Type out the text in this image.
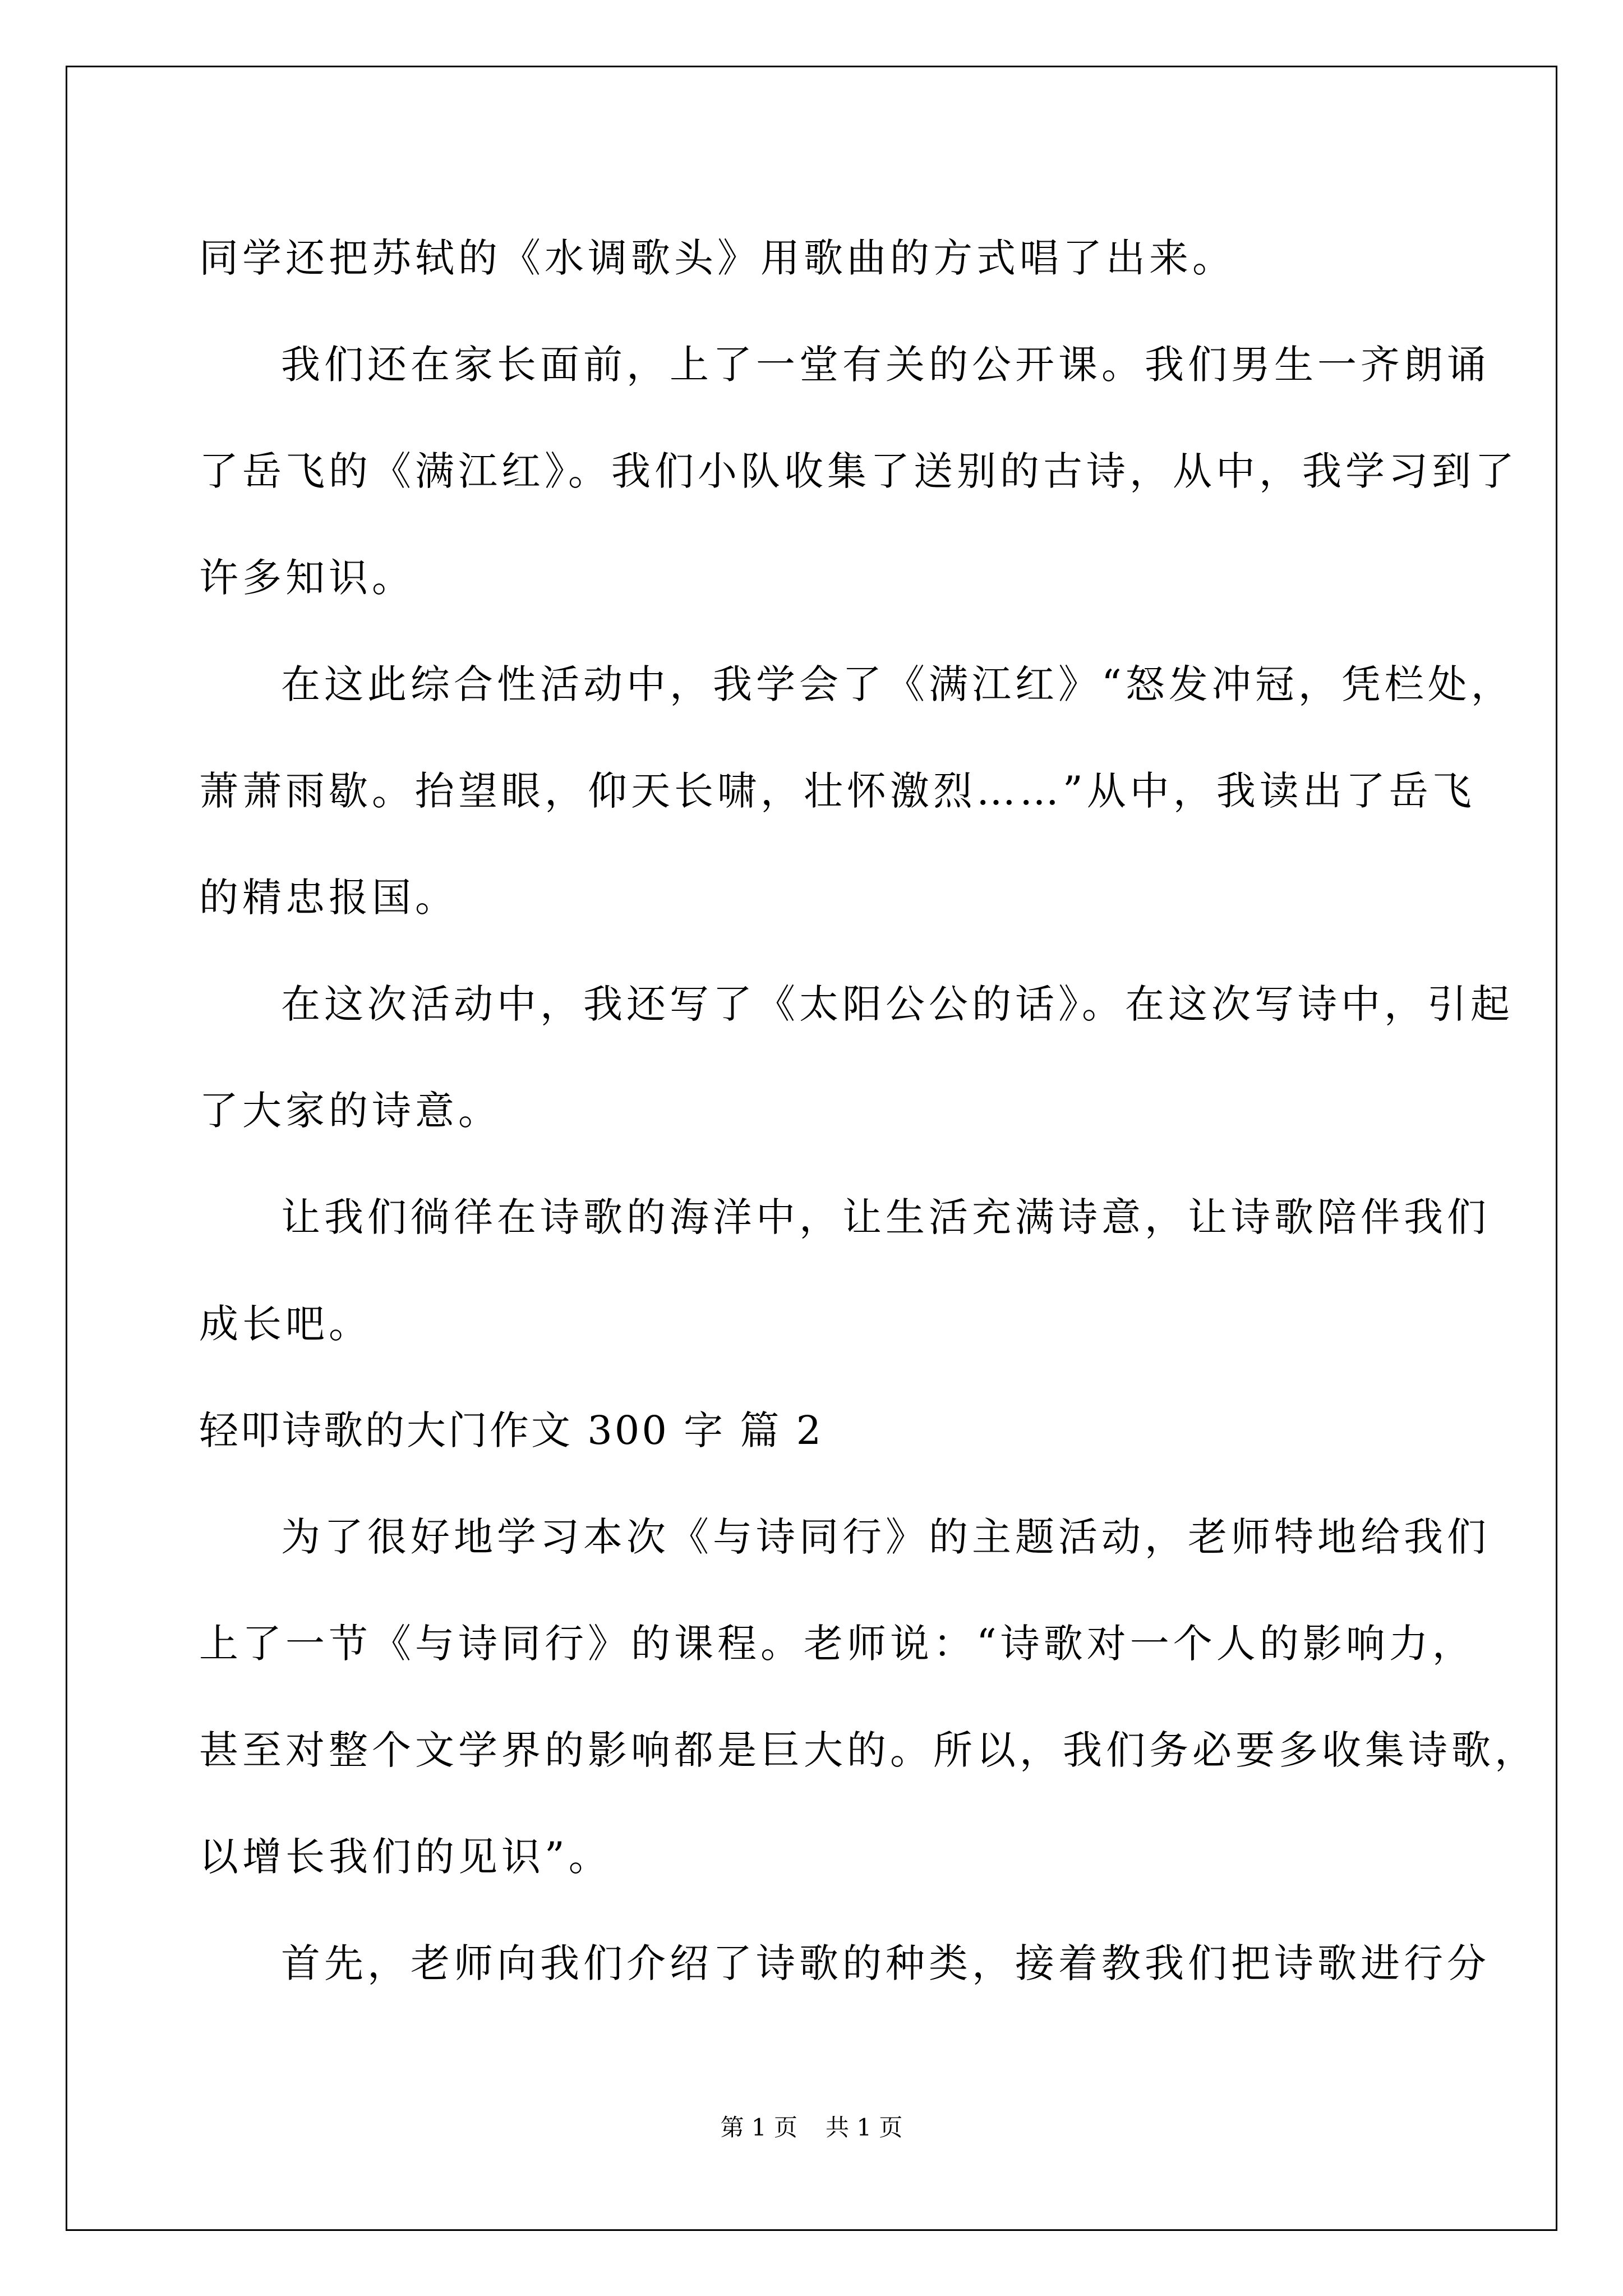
同学还把苏轼的《水调歌头》用歌曲的方式唱了出来。

我们还在家长面前，上了一堂有关的公开课。我们男生一齐朗诵

了岳飞的《满江红》。我们小队收集了送别的古诗，从中，我学习到了

许多知识。

在这此综合性活动中，我学会了《满江红》“怒发冲冠，凭栏处，

萧萧雨歇。抬望眼，仰天长啸，壮怀激烈……”从中，我读出了岳飞

的精忠报国。

在这次活动中，我还写了《太阳公公的话》。在这次写诗中，引起

了大家的诗意。

让我们徜徉在诗歌的海洋中，让生活充满诗意，让诗歌陪伴我们

成长吧。

轻叩诗歌的大门作文 300 字 篇 2

为了很好地学习本次《与诗同行》的主题活动，老师特地给我们

上了一节《与诗同行》的课程。老师说：“诗歌对一个人的影响力，

甚至对整个文学界的影响都是巨大的。所以，我们务必要多收集诗歌，

以增长我们的见识”。

首先，老师向我们介绍了诗歌的种类，接着教我们把诗歌进行分

第 1 页 共 1 页
